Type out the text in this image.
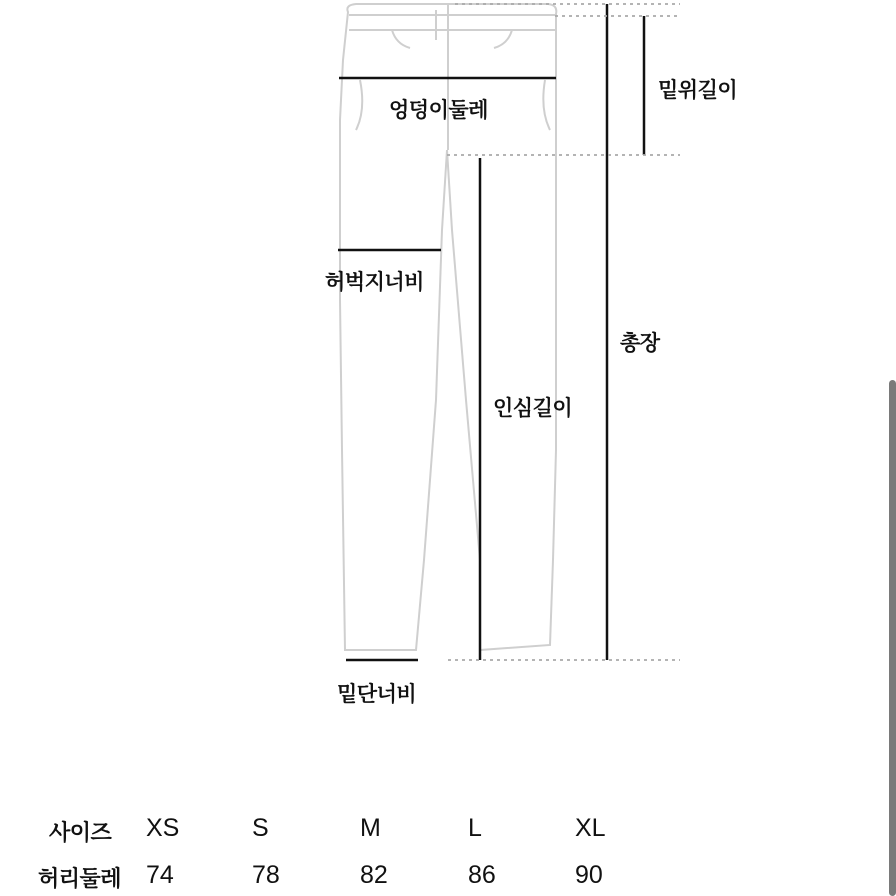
엉덩이둘레
밑위길이
허벅지너비
총장
인심길이
밑단너비
사이즈 XS	S	M	L	XL
허리둘레 74	78	82	86	90
